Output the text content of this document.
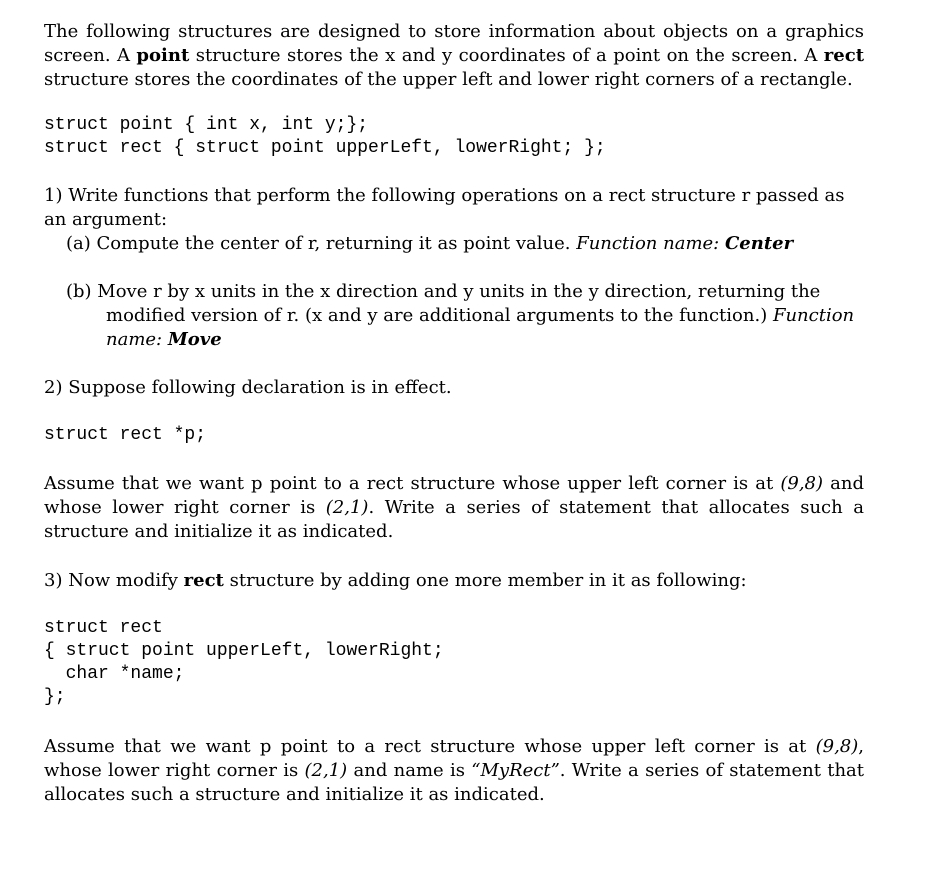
The following structures are designed to store information about objects on a graphics screen. A point structure stores the x and y coordinates of a point on the screen. A rect structure stores the coordinates of the upper left and lower right corners of a rectangle.

struct point { int x, int y;};
struct rect { struct point upperLeft, lowerRight; };

1) Write functions that perform the following operations on a rect structure r passed as an argument:

(a) Compute the center of r, returning it as point value. Function name: Center

(b) Move r by x units in the x direction and y units in the y direction, returning the modified version of r. (x and y are additional arguments to the function.) Function name: Move

2) Suppose following declaration is in effect.

struct rect *p;

Assume that we want p point to a rect structure whose upper left corner is at (9,8) and whose lower right corner is (2,1). Write a series of statement that allocates such a structure and initialize it as indicated.

3) Now modify rect structure by adding one more member in it as following:

struct rect
{ struct point upperLeft, lowerRight;
char *name;
};

Assume that we want p point to a rect structure whose upper left corner is at (9,8), whose lower right corner is (2,1) and name is “MyRect”. Write a series of statement that allocates such a structure and initialize it as indicated.
